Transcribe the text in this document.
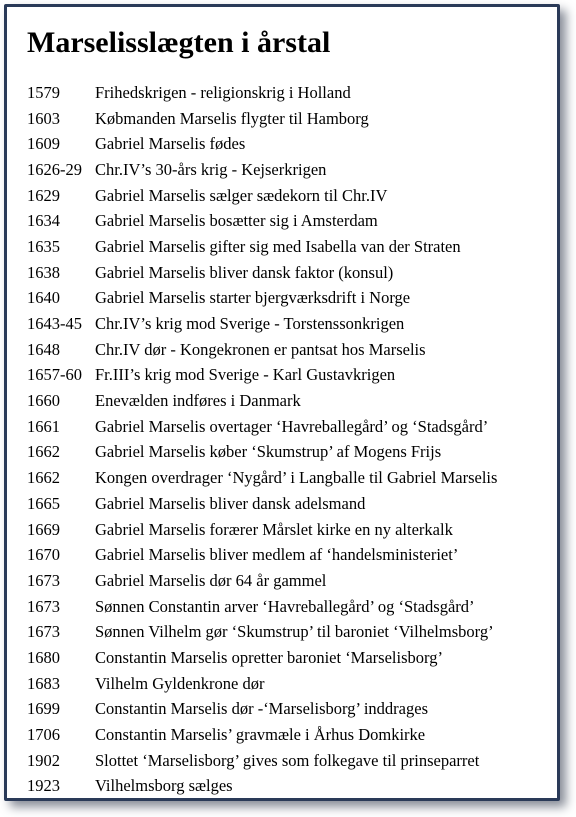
Marselisslægten i årstal
1579	Frihedskrigen - religionskrig i Holland
1603	Købmanden Marselis flygter til Hamborg
1609	Gabriel Marselis fødes
1626-29 Chr.IV’s 30-års krig - Kejserkrigen
1629	Gabriel Marselis sælger sædekorn til Chr.IV
1634	Gabriel Marselis bosætter sig i Amsterdam
1635	Gabriel Marselis gifter sig med Isabella van der Straten
1638	Gabriel Marselis bliver dansk faktor (konsul)
1640	Gabriel Marselis starter bjergværksdrift i Norge
1643-45 Chr.IV’s krig mod Sverige - Torstenssonkrigen
1648	Chr.IV dør - Kongekronen er pantsat hos Marselis
1657-60 Fr.III’s krig mod Sverige - Karl Gustavkrigen
1660	Enevælden indføres i Danmark
1661	Gabriel Marselis overtager ‘Havreballegård’ og ‘Stadsgård’
1662	Gabriel Marselis køber ‘Skumstrup’ af Mogens Frijs
1662	Kongen overdrager ‘Nygård’ i Langballe til Gabriel Marselis
1665	Gabriel Marselis bliver dansk adelsmand
1669	Gabriel Marselis forærer Mårslet kirke en ny alterkalk
1670	Gabriel Marselis bliver medlem af ‘handelsministeriet’
1673	Gabriel Marselis dør 64 år gammel
1673	Sønnen Constantin arver ‘Havreballegård’ og ‘Stadsgård’
1673	Sønnen Vilhelm gør ‘Skumstrup’ til baroniet ‘Vilhelmsborg’
1680	Constantin Marselis opretter baroniet ‘Marselisborg’
1683	Vilhelm Gyldenkrone dør
1699	Constantin Marselis dør -‘Marselisborg’ inddrages
1706	Constantin Marselis’ gravmæle i Århus Domkirke
1902	Slottet ‘Marselisborg’ gives som folkegave til prinseparret
1923	Vilhelmsborg sælges
